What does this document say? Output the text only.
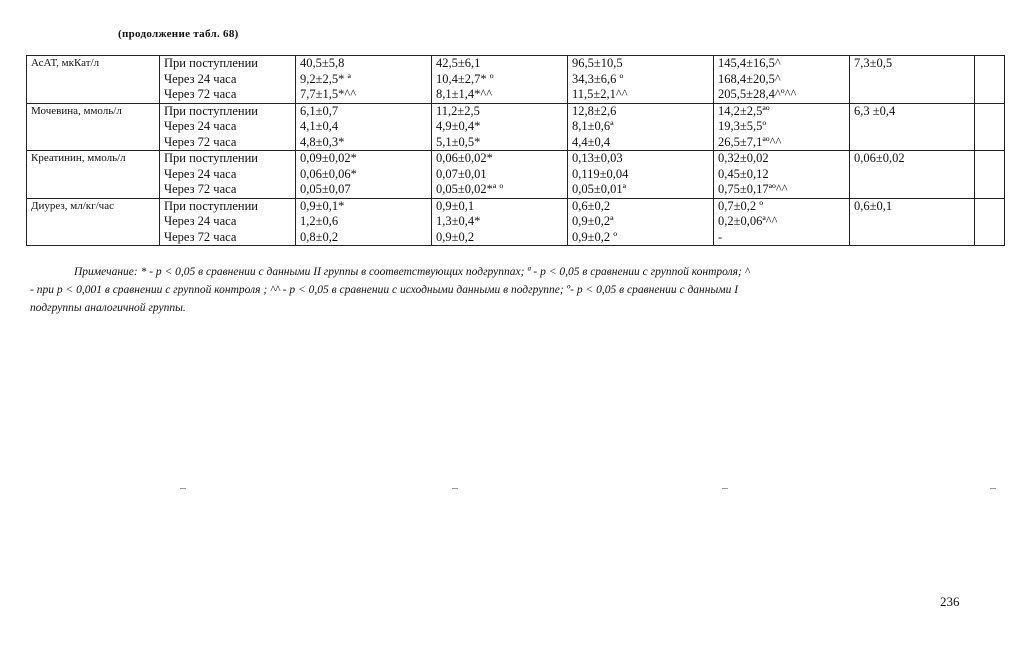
(продолжение табл. 68)
АсАТ, мкКат/л	При поступлении	40,5±5,8	42,5±6,1	96,5±10,5	145,4±16,5^	7,3±0,5	
	Через 24 часа	9,2±2,5* ª	10,4±2,7* º	34,3±6,6 º	168,4±20,5^		
	Через 72 часа	7,7±1,5*^^	8,1±1,4*^^	11,5±2,1^^	205,5±28,4^º^^		
Мочевина, ммоль/л	При поступлении	6,1±0,7	11,2±2,5	12,8±2,6	14,2±2,5ªº	6,3 ±0,4	
	Через 24 часа	4,1±0,4	4,9±0,4*	8,1±0,6ª	19,3±5,5º		
	Через 72 часа	4,8±0,3*	5,1±0,5*	4,4±0,4	26,5±7,1ªº^^		
Креатинин, ммоль/л	При поступлении	0,09±0,02*	0,06±0,02*	0,13±0,03	0,32±0,02	0,06±0,02	
	Через 24 часа	0,06±0,06*	0,07±0,01	0,119±0,04	0,45±0,12		
	Через 72 часа	0,05±0,07	0,05±0,02*ª º	0,05±0,01ª	0,75±0,17ªº^^		
Диурез, мл/кг/час	При поступлении	0,9±0,1*	0,9±0,1	0,6±0,2	0,7±0,2 º	0,6±0,1	
	Через 24 часа	1,2±0,6	1,3±0,4*	0,9±0,2ª	0,2±0,06ª^^		
	Через 72 часа	0,8±0,2	0,9±0,2	0,9±0,2 º	-		
Примечание: * - р < 0,05 в сравнении с данными II группы в соответствующих подгруппах; ª - р < 0,05 в сравнении с группой контроля; ^
- при р < 0,001 в сравнении с группой контроля ; ^^ - р < 0,05 в сравнении с исходными данными в подгруппе; º- р < 0,05 в сравнении с данными I
подгруппы аналогичной группы.
236
